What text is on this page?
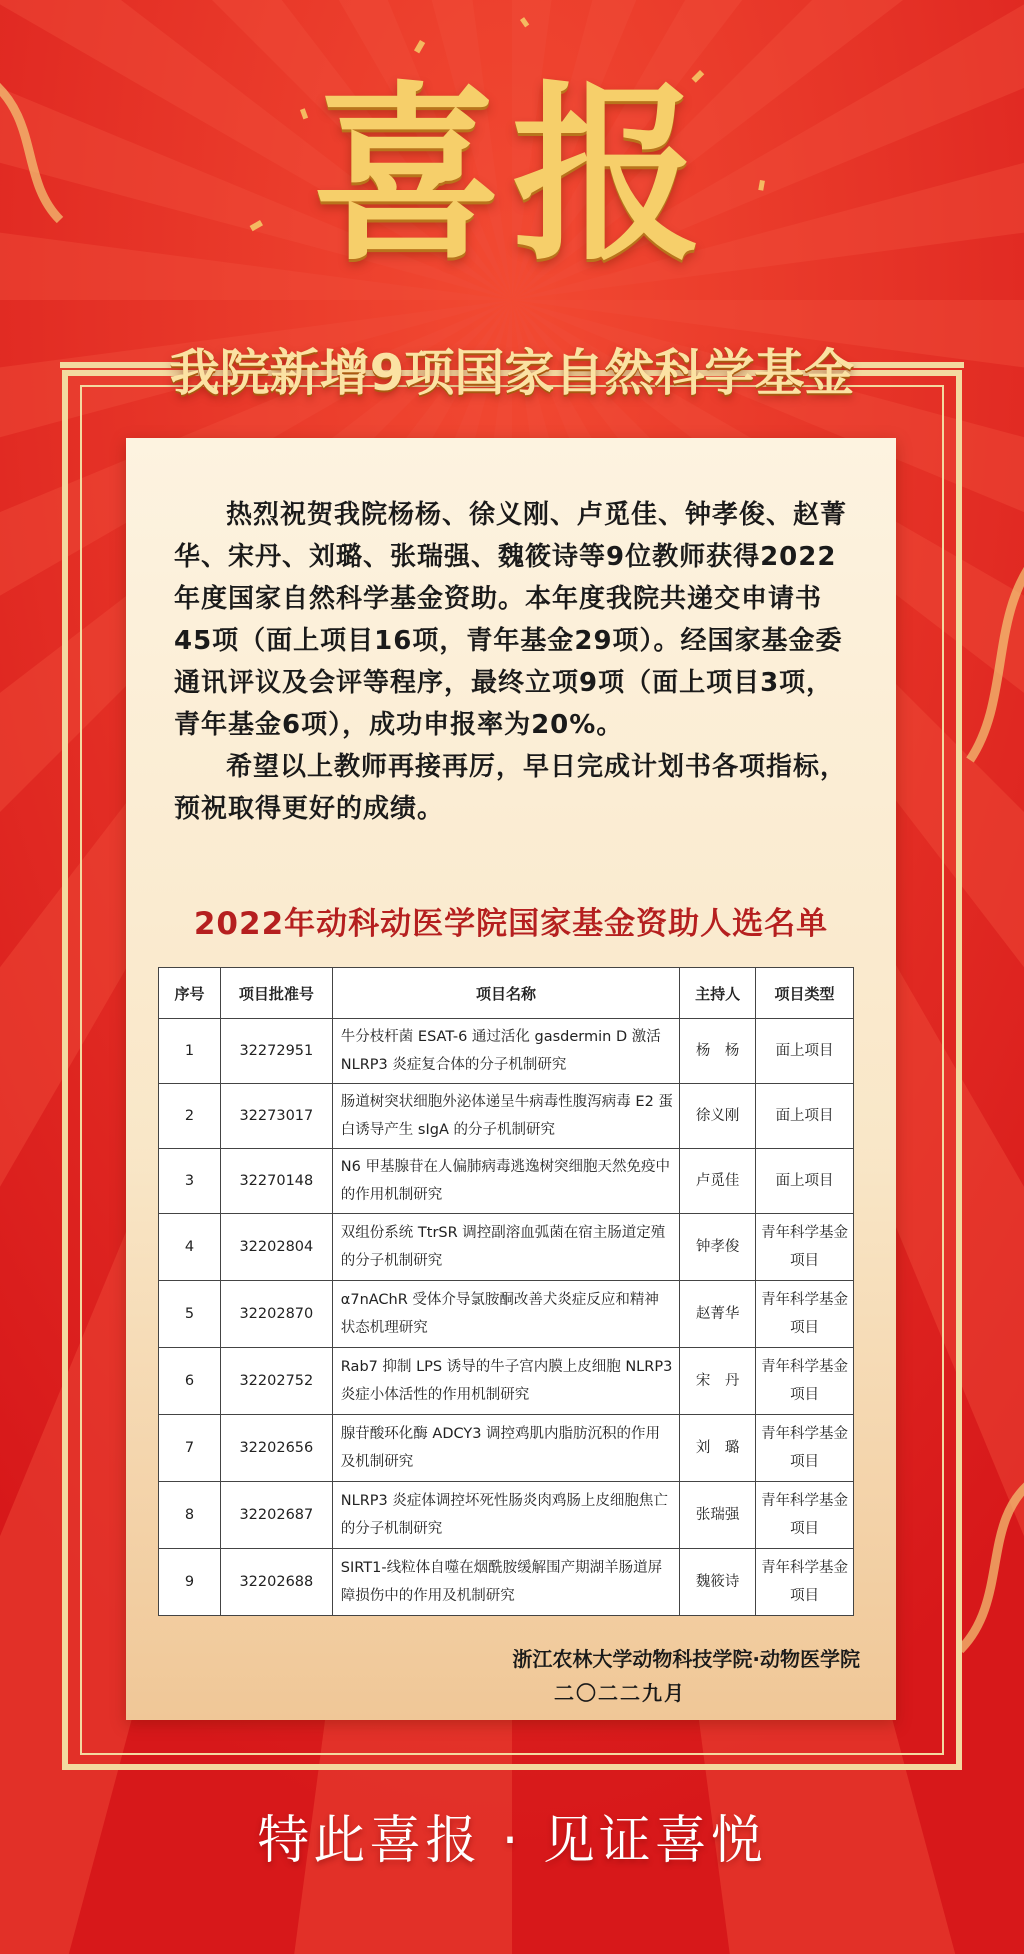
喜报
我院新增9项国家自然科学基金

热烈祝贺我院杨杨、徐义刚、卢觅佳、钟孝俊、赵菁华、宋丹、刘璐、张瑞强、魏筱诗等9位教师获得2022年度国家自然科学基金资助。本年度我院共递交申请书45项（面上项目16项，青年基金29项）。经国家基金委通讯评议及会评等程序，最终立项9项（面上项目3项，青年基金6项），成功申报率为20%。

希望以上教师再接再厉，早日完成计划书各项指标，预祝取得更好的成绩。

2022年动科动医学院国家基金资助人选名单
序号	项目批准号	项目名称	主持人	项目类型
1	32272951	牛分枝杆菌 ESAT-6 通过活化 gasdermin D 激活 NLRP3 炎症复合体的分子机制研究	杨　杨	面上项目
2	32273017	肠道树突状细胞外泌体递呈牛病毒性腹泻病毒 E2 蛋白诱导产生 sIgA 的分子机制研究	徐义刚	面上项目
3	32270148	N6 甲基腺苷在人偏肺病毒逃逸树突细胞天然免疫中的作用机制研究	卢觅佳	面上项目
4	32202804	双组份系统 TtrSR 调控副溶血弧菌在宿主肠道定殖的分子机制研究	钟孝俊	青年科学基金项目
5	32202870	α7nAChR 受体介导氯胺酮改善犬炎症反应和精神状态机理研究	赵菁华	青年科学基金项目
6	32202752	Rab7 抑制 LPS 诱导的牛子宫内膜上皮细胞 NLRP3 炎症小体活性的作用机制研究	宋　丹	青年科学基金项目
7	32202656	腺苷酸环化酶 ADCY3 调控鸡肌内脂肪沉积的作用及机制研究	刘　璐	青年科学基金项目
8	32202687	NLRP3 炎症体调控坏死性肠炎肉鸡肠上皮细胞焦亡的分子机制研究	张瑞强	青年科学基金项目
9	32202688	SIRT1-线粒体自噬在烟酰胺缓解围产期湖羊肠道屏障损伤中的作用及机制研究	魏筱诗	青年科学基金项目
浙江农林大学动物科技学院·动物医学院
二〇二二九月
特此喜报 · 见证喜悦
